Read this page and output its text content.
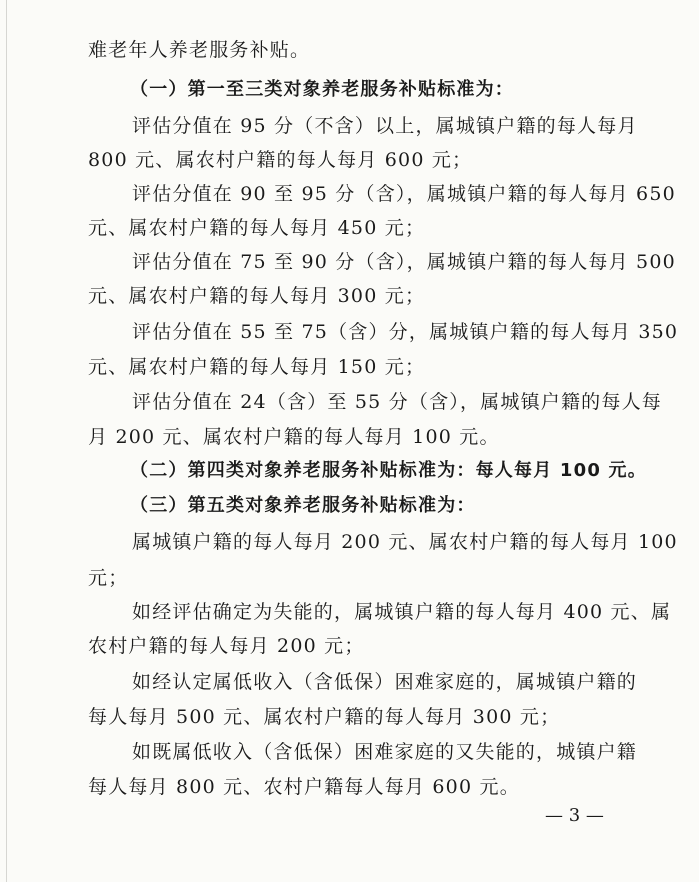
难老年人养老服务补贴。
（一）第一至三类对象养老服务补贴标准为：
评估分值在 95 分（不含）以上，属城镇户籍的每人每月
800 元、属农村户籍的每人每月 600 元；
评估分值在 90 至 95 分（含），属城镇户籍的每人每月 650
元、属农村户籍的每人每月 450 元；
评估分值在 75 至 90 分（含），属城镇户籍的每人每月 500
元、属农村户籍的每人每月 300 元；
评估分值在 55 至 75（含）分，属城镇户籍的每人每月 350
元、属农村户籍的每人每月 150 元；
评估分值在 24（含）至 55 分（含），属城镇户籍的每人每
月 200 元、属农村户籍的每人每月 100 元。
（二）第四类对象养老服务补贴标准为：每人每月 100 元。
（三）第五类对象养老服务补贴标准为：
属城镇户籍的每人每月 200 元、属农村户籍的每人每月 100
元；
如经评估确定为失能的，属城镇户籍的每人每月 400 元、属
农村户籍的每人每月 200 元；
如经认定属低收入（含低保）困难家庭的，属城镇户籍的
每人每月 500 元、属农村户籍的每人每月 300 元；
如既属低收入（含低保）困难家庭的又失能的，城镇户籍
每人每月 800 元、农村户籍每人每月 600 元。
— 3 —
